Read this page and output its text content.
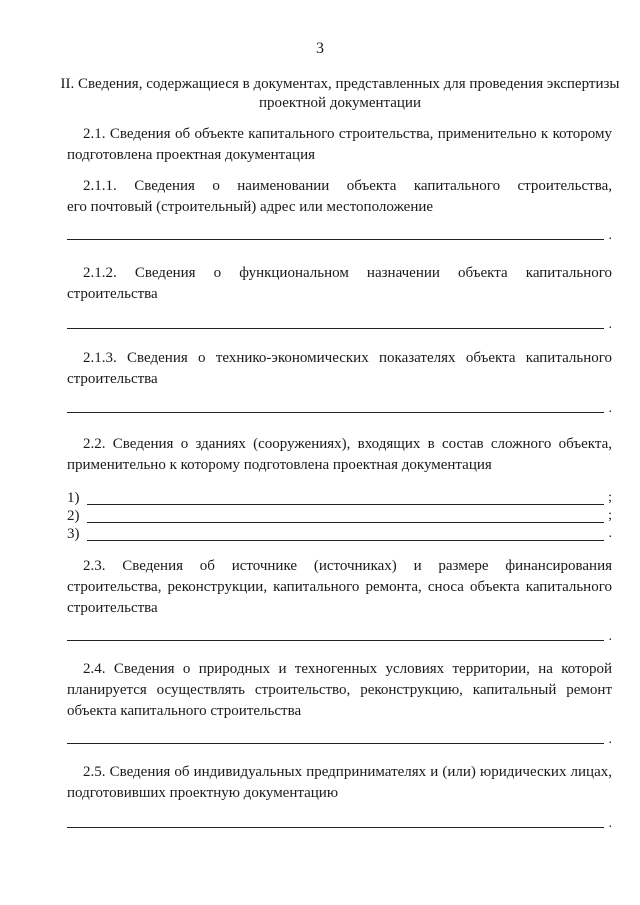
3
II. Сведения, содержащиеся в документах, представленных для проведения экспертизы проектной документации
2.1. Сведения об объекте капитального строительства, применительно к которому
подготовлена проектная документация
2.1.1. Сведения о наименовании объекта капитального строительства,
его почтовый (строительный) адрес или местоположение
.
2.1.2. Сведения о функциональном назначении объекта капитального
строительства
.
2.1.3. Сведения о технико-экономических показателях объекта капитального
строительства
.
2.2. Сведения о зданиях (сооружениях), входящих в состав сложного объекта,
применительно к которому подготовлена проектная документация
1)	;
2)	;
3)	.
2.3. Сведения об источнике (источниках) и размере финансирования
строительства, реконструкции, капитального ремонта, сноса объекта капитального строительства
.
2.4. Сведения о природных и техногенных условиях территории, на которой
планируется осуществлять строительство, реконструкцию, капитальный ремонт объекта капитального строительства
.
2.5. Сведения об индивидуальных предпринимателях и (или) юридических лицах,
подготовивших проектную документацию
.
